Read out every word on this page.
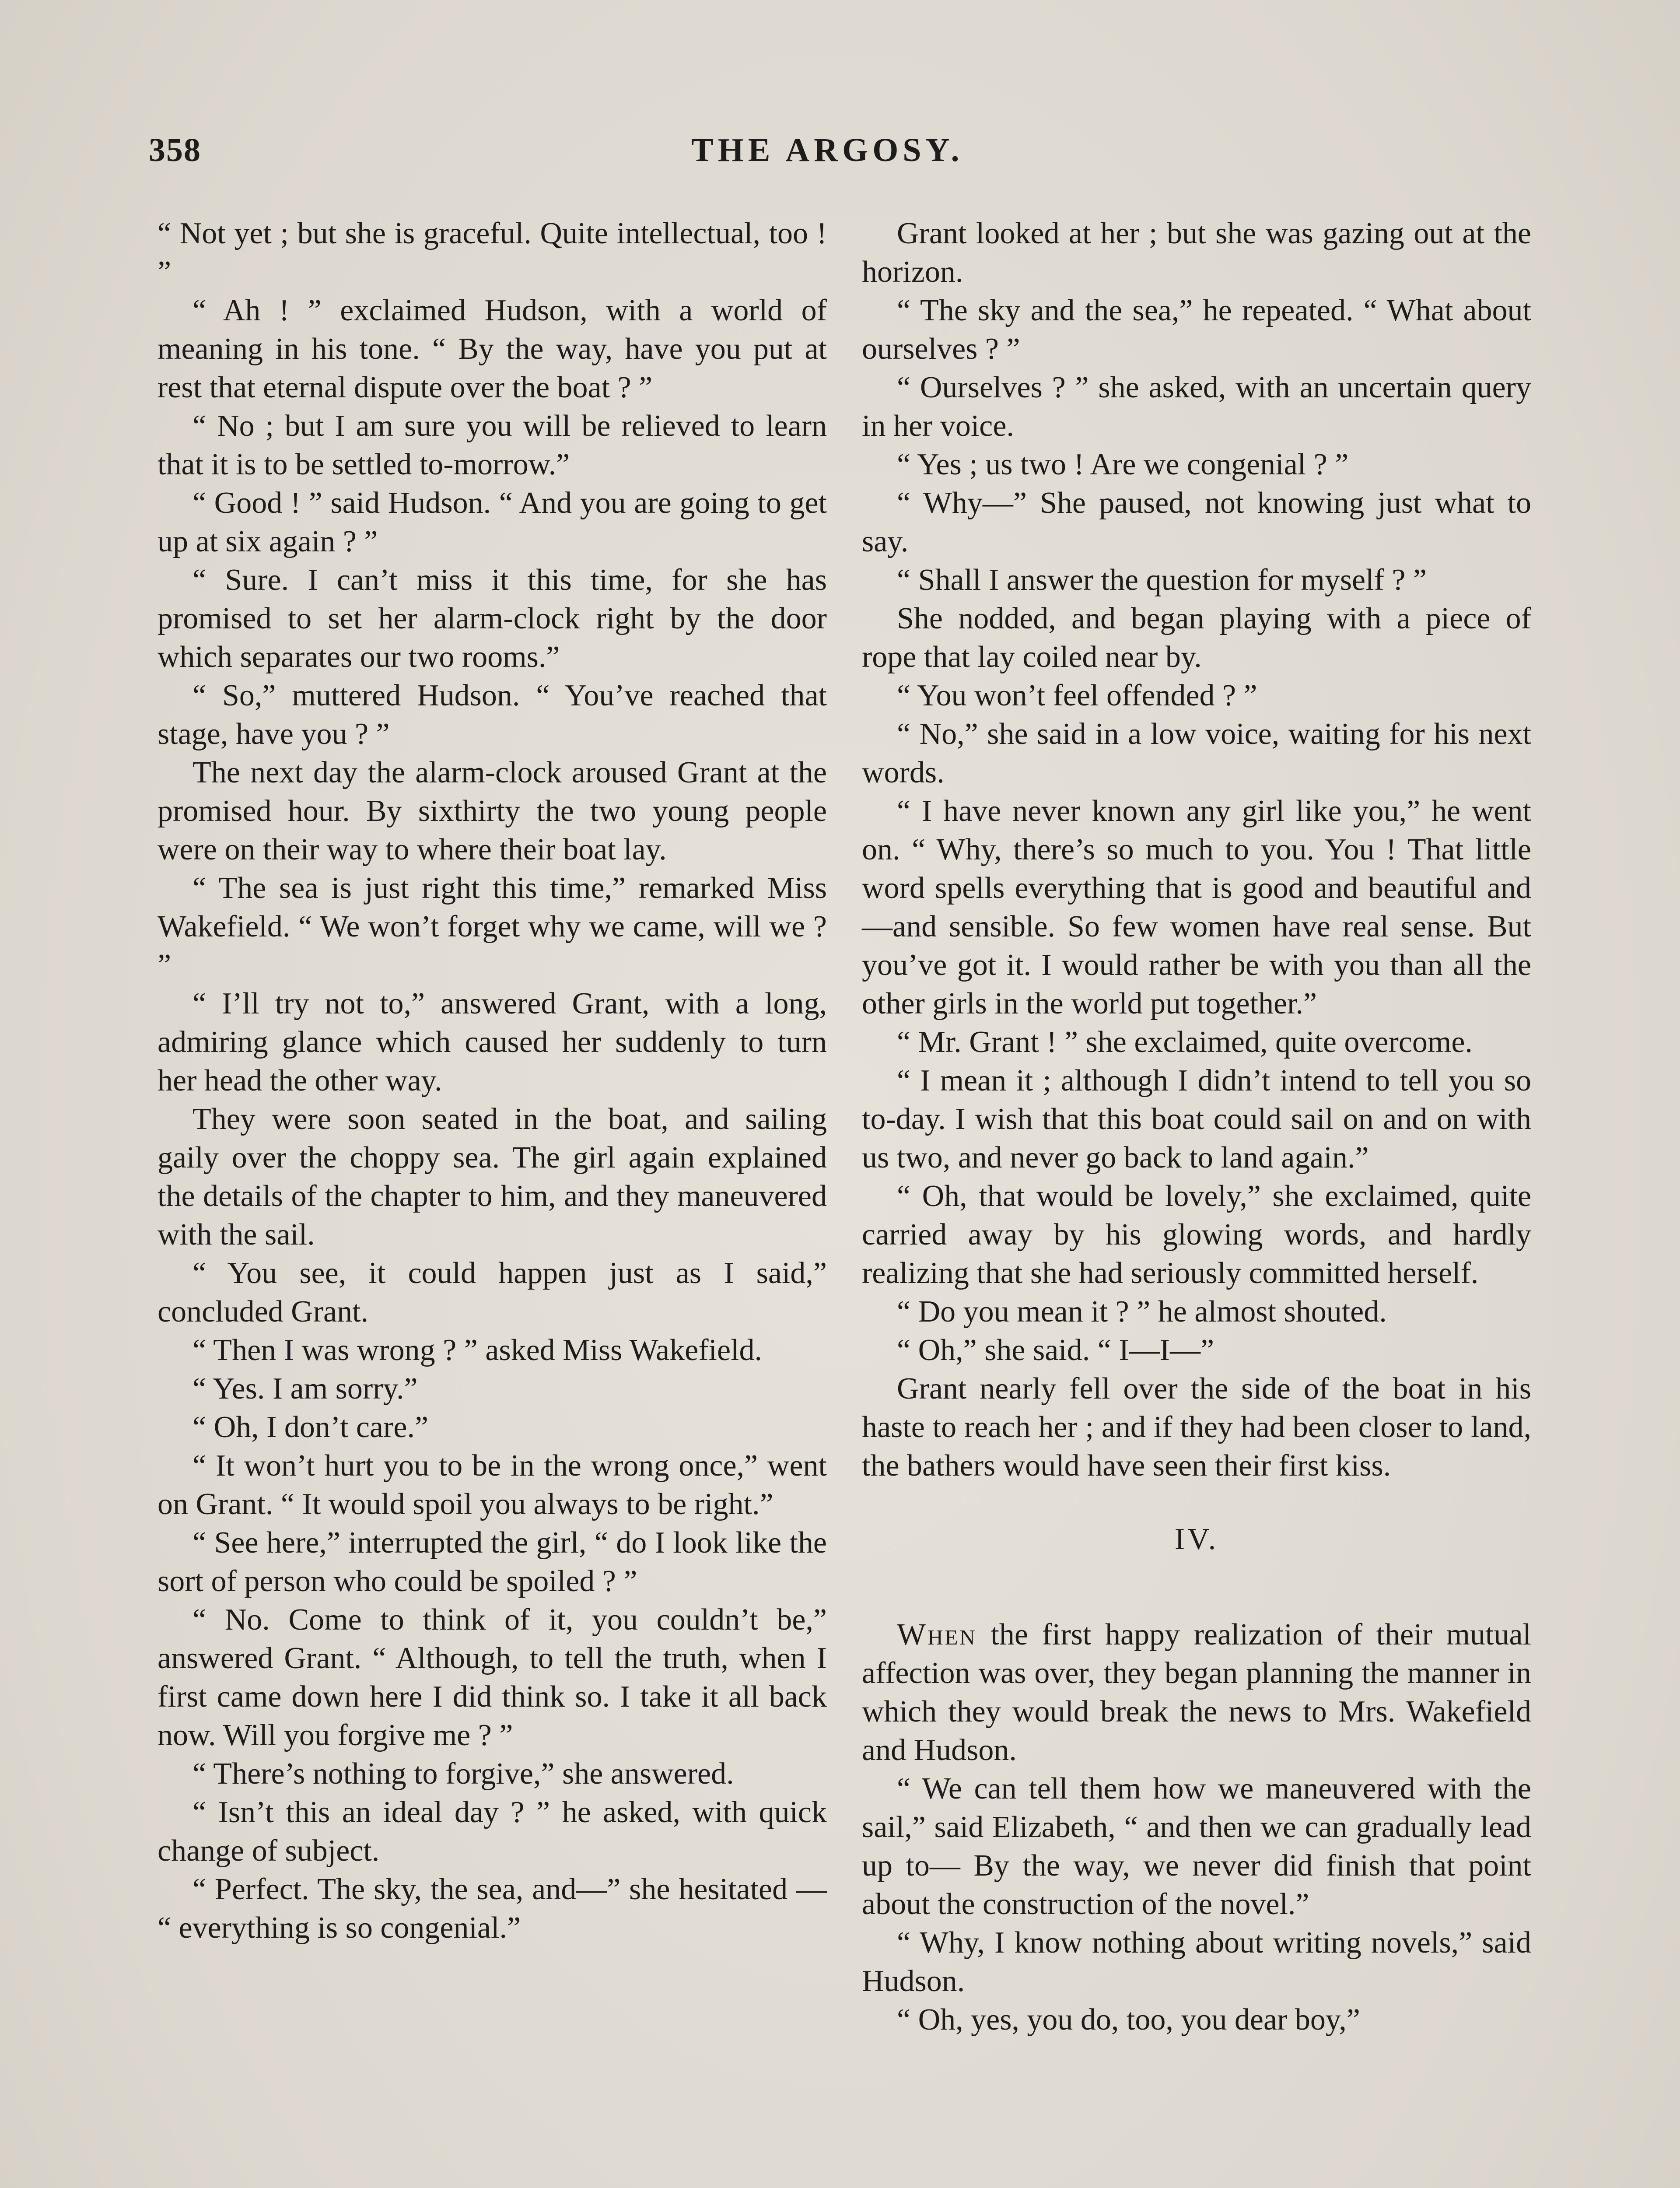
358	THE ARGOSY.

“ Not yet ; but she is graceful. Quite intellectual, too ! ”

“ Ah ! ” exclaimed Hudson, with a world of meaning in his tone. “ By the way, have you put at rest that eternal dispute over the boat ? ”

“ No ; but I am sure you will be relieved to learn that it is to be settled to-morrow.”

“ Good ! ” said Hudson. “ And you are going to get up at six again ? ”

“ Sure. I can’t miss it this time, for she has promised to set her alarm-clock right by the door which separates our two rooms.”

“ So,” muttered Hudson. “ You’ve reached that stage, have you ? ”

The next day the alarm-clock aroused Grant at the promised hour. By sixthirty the two young people were on their way to where their boat lay.

“ The sea is just right this time,” remarked Miss Wakefield. “ We won’t forget why we came, will we ? ”

“ I’ll try not to,” answered Grant, with a long, admiring glance which caused her suddenly to turn her head the other way.

They were soon seated in the boat, and sailing gaily over the choppy sea. The girl again explained the details of the chapter to him, and they maneuvered with the sail.

“ You see, it could happen just as I said,” concluded Grant.

“ Then I was wrong ? ” asked Miss Wakefield.

“ Yes. I am sorry.”

“ Oh, I don’t care.”

“ It won’t hurt you to be in the wrong once,” went on Grant. “ It would spoil you always to be right.”

“ See here,” interrupted the girl, “ do I look like the sort of person who could be spoiled ? ”

“ No. Come to think of it, you couldn’t be,” answered Grant. “ Although, to tell the truth, when I first came down here I did think so. I take it all back now. Will you forgive me ? ”

“ There’s nothing to forgive,” she answered.

“ Isn’t this an ideal day ? ” he asked, with quick change of subject.

“ Perfect. The sky, the sea, and—” she hesitated — “ everything is so congenial.”

Grant looked at her ; but she was gazing out at the horizon.

“ The sky and the sea,” he repeated. “ What about ourselves ? ”

“ Ourselves ? ” she asked, with an uncertain query in her voice.

“ Yes ; us two ! Are we congenial ? ”

“ Why—” She paused, not knowing just what to say.

“ Shall I answer the question for myself ? ”

She nodded, and began playing with a piece of rope that lay coiled near by.

“ You won’t feel offended ? ”

“ No,” she said in a low voice, waiting for his next words.

“ I have never known any girl like you,” he went on. “ Why, there’s so much to you. You ! That little word spells everything that is good and beautiful and—and sensible. So few women have real sense. But you’ve got it. I would rather be with you than all the other girls in the world put together.”

“ Mr. Grant ! ” she exclaimed, quite overcome.

“ I mean it ; although I didn’t intend to tell you so to-day. I wish that this boat could sail on and on with us two, and never go back to land again.”

“ Oh, that would be lovely,” she exclaimed, quite carried away by his glowing words, and hardly realizing that she had seriously committed herself.

“ Do you mean it ? ” he almost shouted.

“ Oh,” she said. “ I—I—”

Grant nearly fell over the side of the boat in his haste to reach her ; and if they had been closer to land, the bathers would have seen their first kiss.

IV.

When the first happy realization of their mutual affection was over, they began planning the manner in which they would break the news to Mrs. Wakefield and Hudson.

“ We can tell them how we maneuvered with the sail,” said Elizabeth, “ and then we can gradually lead up to— By the way, we never did finish that point about the construction of the novel.”

“ Why, I know nothing about writing novels,” said Hudson.

“ Oh, yes, you do, too, you dear boy,”
